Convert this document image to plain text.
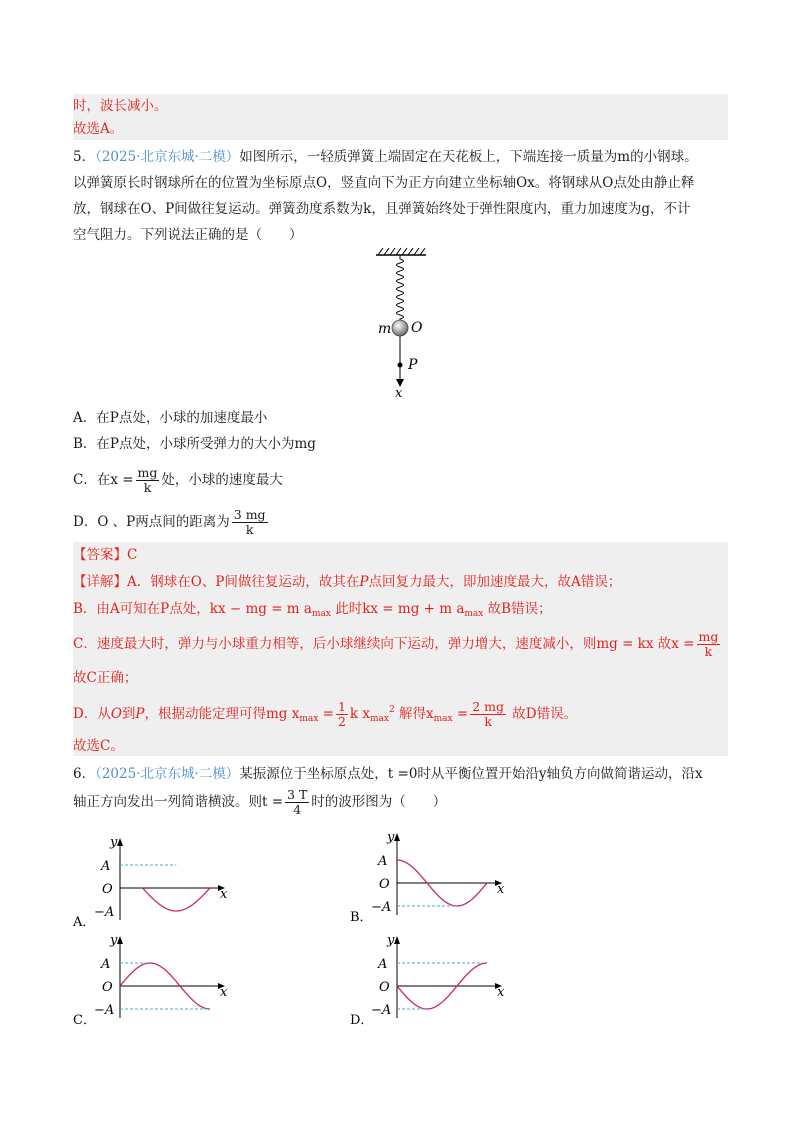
时，波长减小。
故选A。
5．（2025·北京东城·二模）如图所示，一轻质弹簧上端固定在天花板上，下端连接一质量为m的小钢球。
以弹簧原长时钢球所在的位置为坐标原点O，竖直向下为正方向建立坐标轴Ox。将钢球从O点处由静止释
放，钢球在O、P间做往复运动。弹簧劲度系数为k，且弹簧始终处于弹性限度内，重力加速度为g，不计
空气阻力。下列说法正确的是（　　）
m O
P
x
A．在P点处，小球的加速度最小
B．在P点处，小球所受弹力的大小为mg
C．在$x = \frac{mg}{k}$ 处，小球的速度最大
D．O 、P两点间的距离为 $\frac{3 mg}{k}$
【答案】C
【详解】A．钢球在O、P间做往复运动，故其在P点回复力最大，即加速度最大，故A错误；
B．由A可知在P点处，kx − mg = m $a_{max}$ 此时kx = mg + m $a_{max}$ 故B错误；
C．速度最大时，弹力与小球重力相等，后小球继续向下运动，弹力增大，速度减小，则mg = kx 故$x = \frac{mg}{k}$
故C正确；
D．从O到P，根据动能定理可得mg $x_{max} = \frac{1}{2}$ k $x_{max}^2$ 解得$x_{max} = \frac{2 mg}{k}$ 故D错误。
故选C。
6．（2025·北京东城·二模）某振源位于坐标原点处，t =0时从平衡位置开始沿y轴负方向做简谐运动，沿x
轴正方向发出一列简谐横波。则$t = \frac{3 T}{4}$ 时的波形图为（　　）
y
A
O
−A
x
A．
y
A
O
−A
x
B．
y
A
O
−A
x
C．
y
A
O
−A
x
D．
